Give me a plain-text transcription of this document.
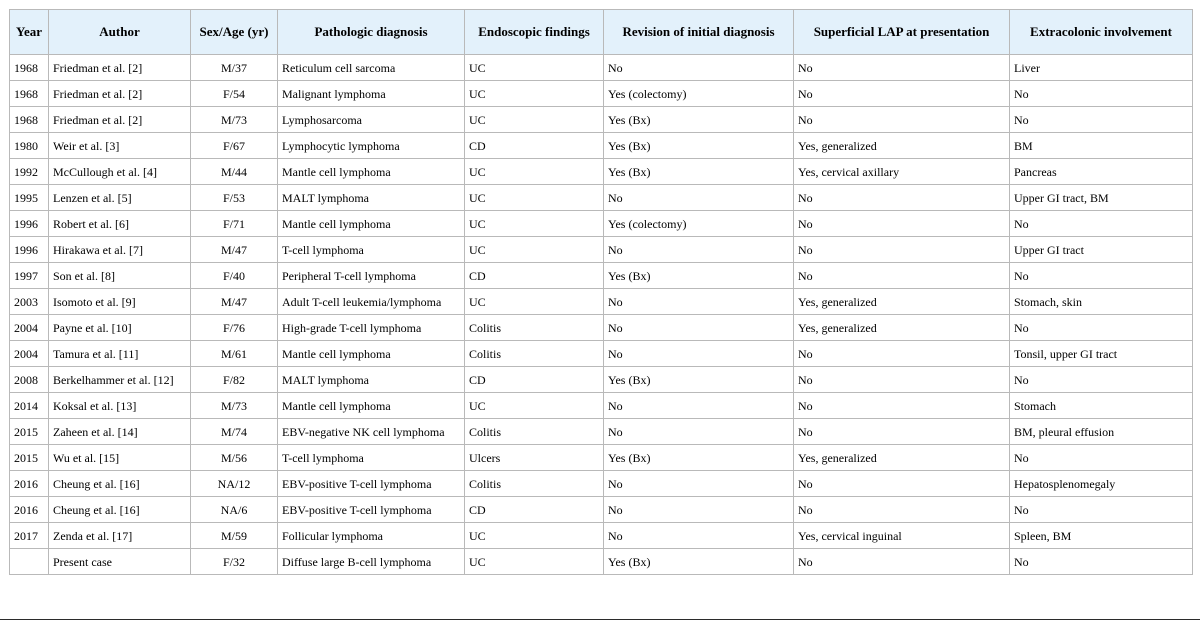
Year	Author	Sex/Age (yr)	Pathologic diagnosis	Endoscopic findings	Revision of initial diagnosis	Superficial LAP at presentation	Extracolonic involvement
1968	Friedman et al. [2]	M/37	Reticulum cell sarcoma	UC	No	No	Liver
1968	Friedman et al. [2]	F/54	Malignant lymphoma	UC	Yes (colectomy)	No	No
1968	Friedman et al. [2]	M/73	Lymphosarcoma	UC	Yes (Bx)	No	No
1980	Weir et al. [3]	F/67	Lymphocytic lymphoma	CD	Yes (Bx)	Yes, generalized	BM
1992	McCullough et al. [4]	M/44	Mantle cell lymphoma	UC	Yes (Bx)	Yes, cervical axillary	Pancreas
1995	Lenzen et al. [5]	F/53	MALT lymphoma	UC	No	No	Upper GI tract, BM
1996	Robert et al. [6]	F/71	Mantle cell lymphoma	UC	Yes (colectomy)	No	No
1996	Hirakawa et al. [7]	M/47	T-cell lymphoma	UC	No	No	Upper GI tract
1997	Son et al. [8]	F/40	Peripheral T-cell lymphoma	CD	Yes (Bx)	No	No
2003	Isomoto et al. [9]	M/47	Adult T-cell leukemia/lymphoma	UC	No	Yes, generalized	Stomach, skin
2004	Payne et al. [10]	F/76	High-grade T-cell lymphoma	Colitis	No	Yes, generalized	No
2004	Tamura et al. [11]	M/61	Mantle cell lymphoma	Colitis	No	No	Tonsil, upper GI tract
2008	Berkelhammer et al. [12]	F/82	MALT lymphoma	CD	Yes (Bx)	No	No
2014	Koksal et al. [13]	M/73	Mantle cell lymphoma	UC	No	No	Stomach
2015	Zaheen et al. [14]	M/74	EBV-negative NK cell lymphoma	Colitis	No	No	BM, pleural effusion
2015	Wu et al. [15]	M/56	T-cell lymphoma	Ulcers	Yes (Bx)	Yes, generalized	No
2016	Cheung et al. [16]	NA/12	EBV-positive T-cell lymphoma	Colitis	No	No	Hepatosplenomegaly
2016	Cheung et al. [16]	NA/6	EBV-positive T-cell lymphoma	CD	No	No	No
2017	Zenda et al. [17]	M/59	Follicular lymphoma	UC	No	Yes, cervical inguinal	Spleen, BM
	Present case	F/32	Diffuse large B-cell lymphoma	UC	Yes (Bx)	No	No
